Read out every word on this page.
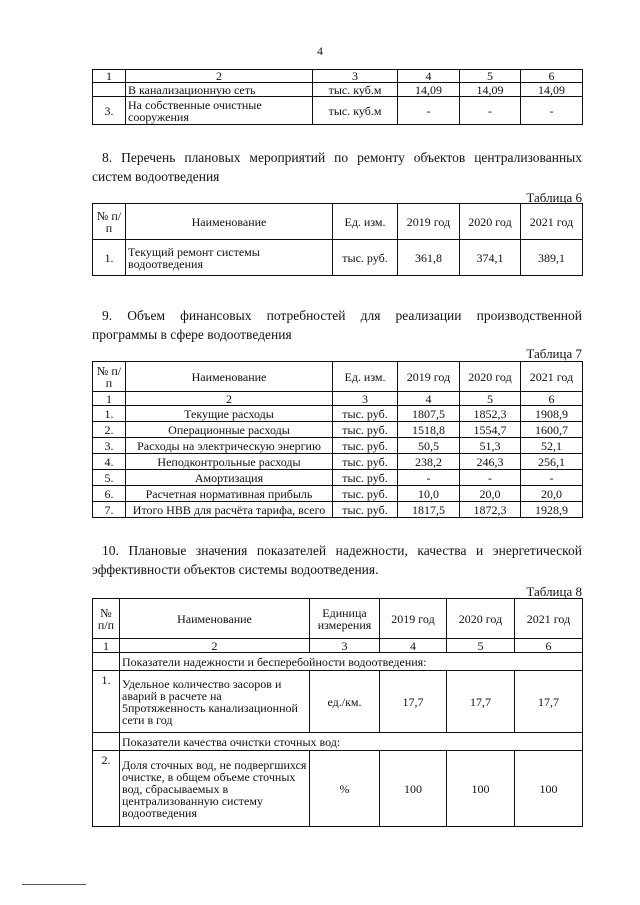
4
1	2	3	4	5	6
	В канализационную сеть	тыс. куб.м	14,09	14,09	14,09
3.	На собственные очистные сооружения	тыс. куб.м	-	-	-
8. Перечень плановых мероприятий по ремонту объектов централизованных
систем водоотведения
Таблица 6
№ п/п	Наименование	Ед. изм.	2019 год	2020 год	2021 год
1.	Текущий ремонт системы водоотведения	тыс. руб.	361,8	374,1	389,1
9. Объем финансовых потребностей для реализации производственной
программы в сфере водоотведения
Таблица 7
№ п/п	Наименование	Ед. изм.	2019 год	2020 год	2021 год
1	2	3	4	5	6
1.	Текущие расходы	тыс. руб.	1807,5	1852,3	1908,9
2.	Операционные расходы	тыс. руб.	1518,8	1554,7	1600,7
3.	Расходы на электрическую энергию	тыс. руб.	50,5	51,3	52,1
4.	Неподконтрольные расходы	тыс. руб.	238,2	246,3	256,1
5.	Амортизация	тыс. руб.	-	-	-
6.	Расчетная нормативная прибыль	тыс. руб.	10,0	20,0	20,0
7.	Итого НВВ для расчёта тарифа, всего	тыс. руб.	1817,5	1872,3	1928,9
10. Плановые значения показателей надежности, качества и энергетической
эффективности объектов системы водоотведения.
Таблица 8
№ п/п	Наименование	Единица измерения	2019 год	2020 год	2021 год
1	2	3	4	5	6
	Показатели надежности и бесперебойности водоотведения:				
1.	Удельное количество засоров и аварий в расчете на 5протяженность канализационной сети в год	ед./км.	17,7	17,7	17,7
	Показатели качества очистки сточных вод:				
2.	Доля сточных вод, не подвергшихся очистке, в общем объеме сточных вод, сбрасываемых в централизованную систему водоотведения	%	100	100	100
